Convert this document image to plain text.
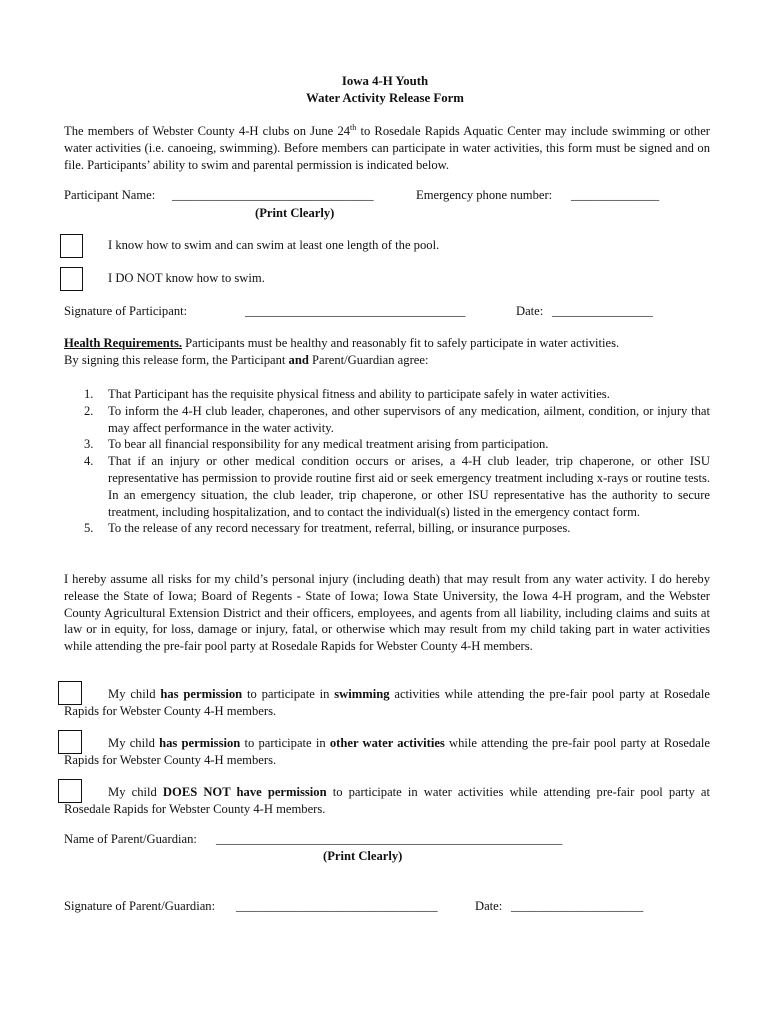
Iowa 4-H Youth
Water Activity Release Form
The members of Webster County 4-H clubs on June 24th to Rosedale Rapids Aquatic Center may include swimming or other water activities (i.e. canoeing, swimming). Before members can participate in water activities, this form must be signed and on file. Participants’ ability to swim and parental permission is indicated below.
Participant Name: ________________________________	Emergency phone number: ______________
(Print Clearly)
I know how to swim and can swim at least one length of the pool.
I DO NOT know how to swim.
Signature of Participant:	___________________________________	Date: ________________
Health Requirements. Participants must be healthy and reasonably fit to safely participate in water activities.
By signing this release form, the Participant and Parent/Guardian agree:
1. That Participant has the requisite physical fitness and ability to participate safely in water activities.
2. To inform the 4-H club leader, chaperones, and other supervisors of any medication, ailment, condition, or injury that may affect performance in the water activity.
3. To bear all financial responsibility for any medical treatment arising from participation.
4. That if an injury or other medical condition occurs or arises, a 4-H club leader, trip chaperone, or other ISU representative has permission to provide routine first aid or seek emergency treatment including x-rays or routine tests. In an emergency situation, the club leader, trip chaperone, or other ISU representative has the authority to secure treatment, including hospitalization, and to contact the individual(s) listed in the emergency contact form.
5. To the release of any record necessary for treatment, referral, billing, or insurance purposes.
I hereby assume all risks for my child’s personal injury (including death) that may result from any water activity. I do hereby release the State of Iowa; Board of Regents - State of Iowa; Iowa State University, the Iowa 4-H program, and the Webster County Agricultural Extension District and their officers, employees, and agents from all liability, including claims and suits at law or in equity, for loss, damage or injury, fatal, or otherwise which may result from my child taking part in water activities while attending the pre-fair pool party at Rosedale Rapids for Webster County 4-H members.
My child has permission to participate in swimming activities while attending the pre-fair pool party at Rosedale Rapids for Webster County 4-H members.
My child has permission to participate in other water activities while attending the pre-fair pool party at Rosedale Rapids for Webster County 4-H members.
My child DOES NOT have permission to participate in water activities while attending pre-fair pool party at Rosedale Rapids for Webster County 4-H members.
Name of Parent/Guardian: _______________________________________________________
(Print Clearly)
Signature of Parent/Guardian: ________________________________	Date: _____________________
